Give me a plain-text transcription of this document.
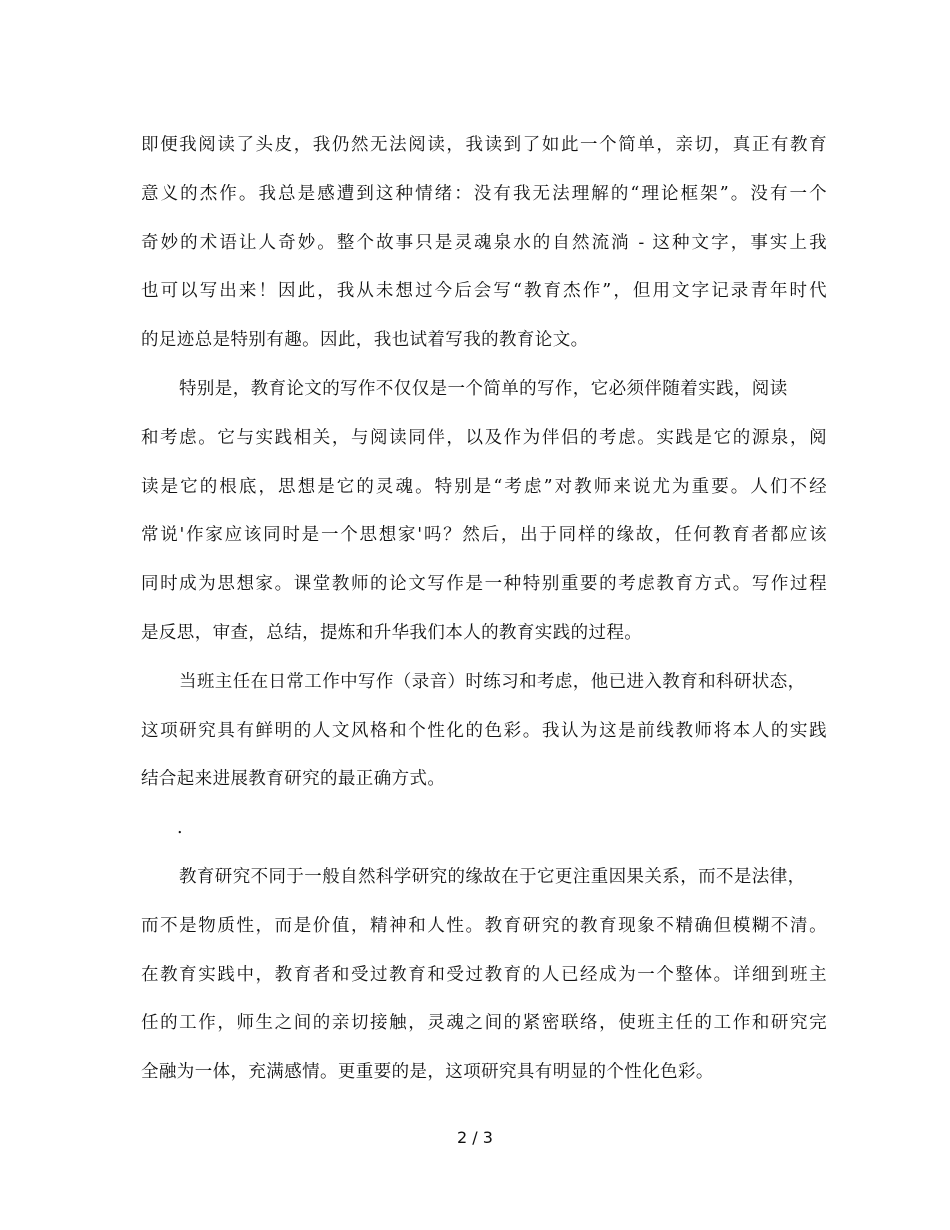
即便我阅读了头皮，我仍然无法阅读，我读到了如此一个简单，亲切，真正有教育
意义的杰作。我总是感遭到这种情绪：没有我无法理解的“理论框架”。没有一个
奇妙的术语让人奇妙。整个故事只是灵魂泉水的自然流淌 - 这种文字，事实上我
也可以写出来！因此，我从未想过今后会写“教育杰作”，但用文字记录青年时代
的足迹总是特别有趣。因此，我也试着写我的教育论文。
特别是，教育论文的写作不仅仅是一个简单的写作，它必须伴随着实践，阅读
和考虑。它与实践相关，与阅读同伴，以及作为伴侣的考虑。实践是它的源泉，阅
读是它的根底，思想是它的灵魂。特别是“考虑”对教师来说尤为重要。人们不经
常说'作家应该同时是一个思想家'吗？然后，出于同样的缘故，任何教育者都应该
同时成为思想家。课堂教师的论文写作是一种特别重要的考虑教育方式。写作过程
是反思，审查，总结，提炼和升华我们本人的教育实践的过程。
当班主任在日常工作中写作（录音）时练习和考虑，他已进入教育和科研状态，
这项研究具有鲜明的人文风格和个性化的色彩。我认为这是前线教师将本人的实践
结合起来进展教育研究的最正确方式。
.
教育研究不同于一般自然科学研究的缘故在于它更注重因果关系，而不是法律，
而不是物质性，而是价值，精神和人性。教育研究的教育现象不精确但模糊不清。
在教育实践中，教育者和受过教育和受过教育的人已经成为一个整体。详细到班主
任的工作，师生之间的亲切接触，灵魂之间的紧密联络，使班主任的工作和研究完
全融为一体，充满感情。更重要的是，这项研究具有明显的个性化色彩。
2 / 3
